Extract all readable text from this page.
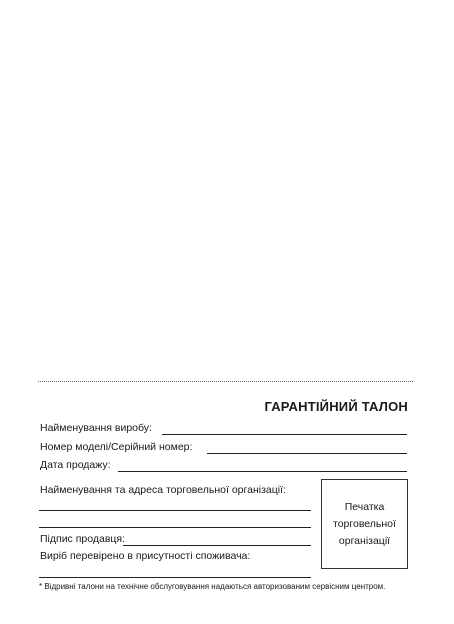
ГАРАНТІЙНИЙ ТАЛОН
Найменування виробу:
Номер моделі/Серійний номер:
Дата продажу:
Найменування та адреса торговельної організації:
Підпис продавця:
Виріб перевірено в присутності споживача:
Печатка
торговельної
організації
* Відривні талони на технічне обслуговування надаються авторизованим сервісним центром.
